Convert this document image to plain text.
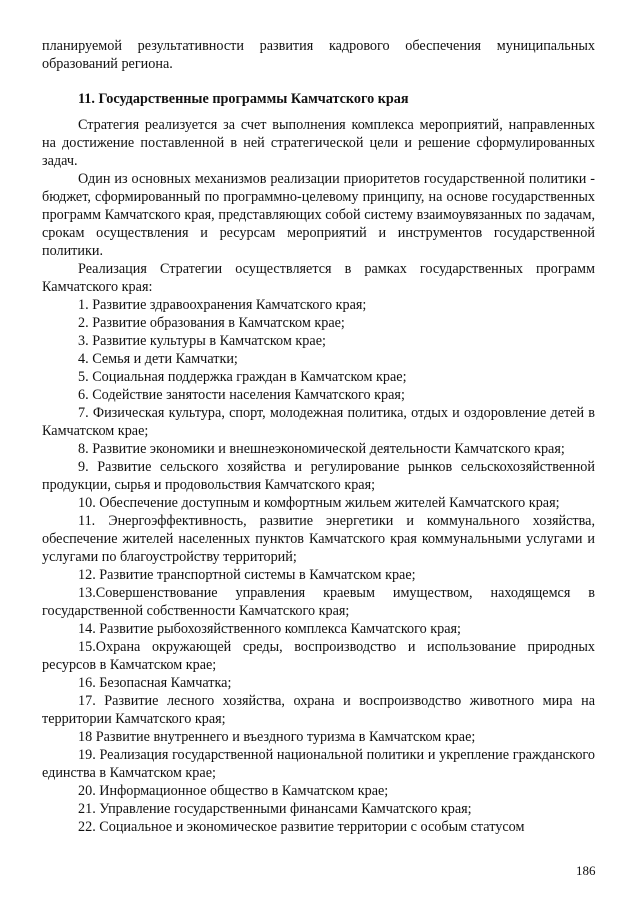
планируемой результативности развития кадрового обеспечения муниципальных образований региона.

11. Государственные программы Камчатского края

Стратегия реализуется за счет выполнения комплекса мероприятий, направленных на достижение поставленной в ней стратегической цели и решение сформулированных задач.

Один из основных механизмов реализации приоритетов государственной политики - бюджет, сформированный по программно-целевому принципу, на основе государственных программ Камчатского края, представляющих собой систему взаимоувязанных по задачам, срокам осуществления и ресурсам мероприятий и инструментов государственной политики.

Реализация Стратегии осуществляется в рамках государственных программ Камчатского края:

1. Развитие здравоохранения Камчатского края;

2. Развитие образования в Камчатском крае;

3. Развитие культуры в Камчатском крае;

4. Семья и дети Камчатки;

5. Социальная поддержка граждан в Камчатском крае;

6. Содействие занятости населения Камчатского края;

7. Физическая культура, спорт, молодежная политика, отдых и оздоровление детей в Камчатском крае;

8. Развитие экономики и внешнеэкономической деятельности Камчатского края;

9. Развитие сельского хозяйства и регулирование рынков сельскохозяйственной продукции, сырья и продовольствия Камчатского края;

10. Обеспечение доступным и комфортным жильем жителей Камчатского края;

11. Энергоэффективность, развитие энергетики и коммунального хозяйства, обеспечение жителей населенных пунктов Камчатского края коммунальными услугами и услугами по благоустройству территорий;

12. Развитие транспортной системы в Камчатском крае;

13.Совершенствование управления краевым имуществом, находящемся в государственной собственности Камчатского края;

14. Развитие рыбохозяйственного комплекса Камчатского края;

15.Охрана окружающей среды, воспроизводство и использование природных ресурсов в Камчатском крае;

16. Безопасная Камчатка;

17. Развитие лесного хозяйства, охрана и воспроизводство животного мира на территории Камчатского края;

18 Развитие внутреннего и въездного туризма в Камчатском крае;

19. Реализация государственной национальной политики и укрепление гражданского единства в Камчатском крае;

20. Информационное общество в Камчатском крае;

21. Управление государственными финансами Камчатского края;

22. Социальное и экономическое развитие территории с особым статусом

186
